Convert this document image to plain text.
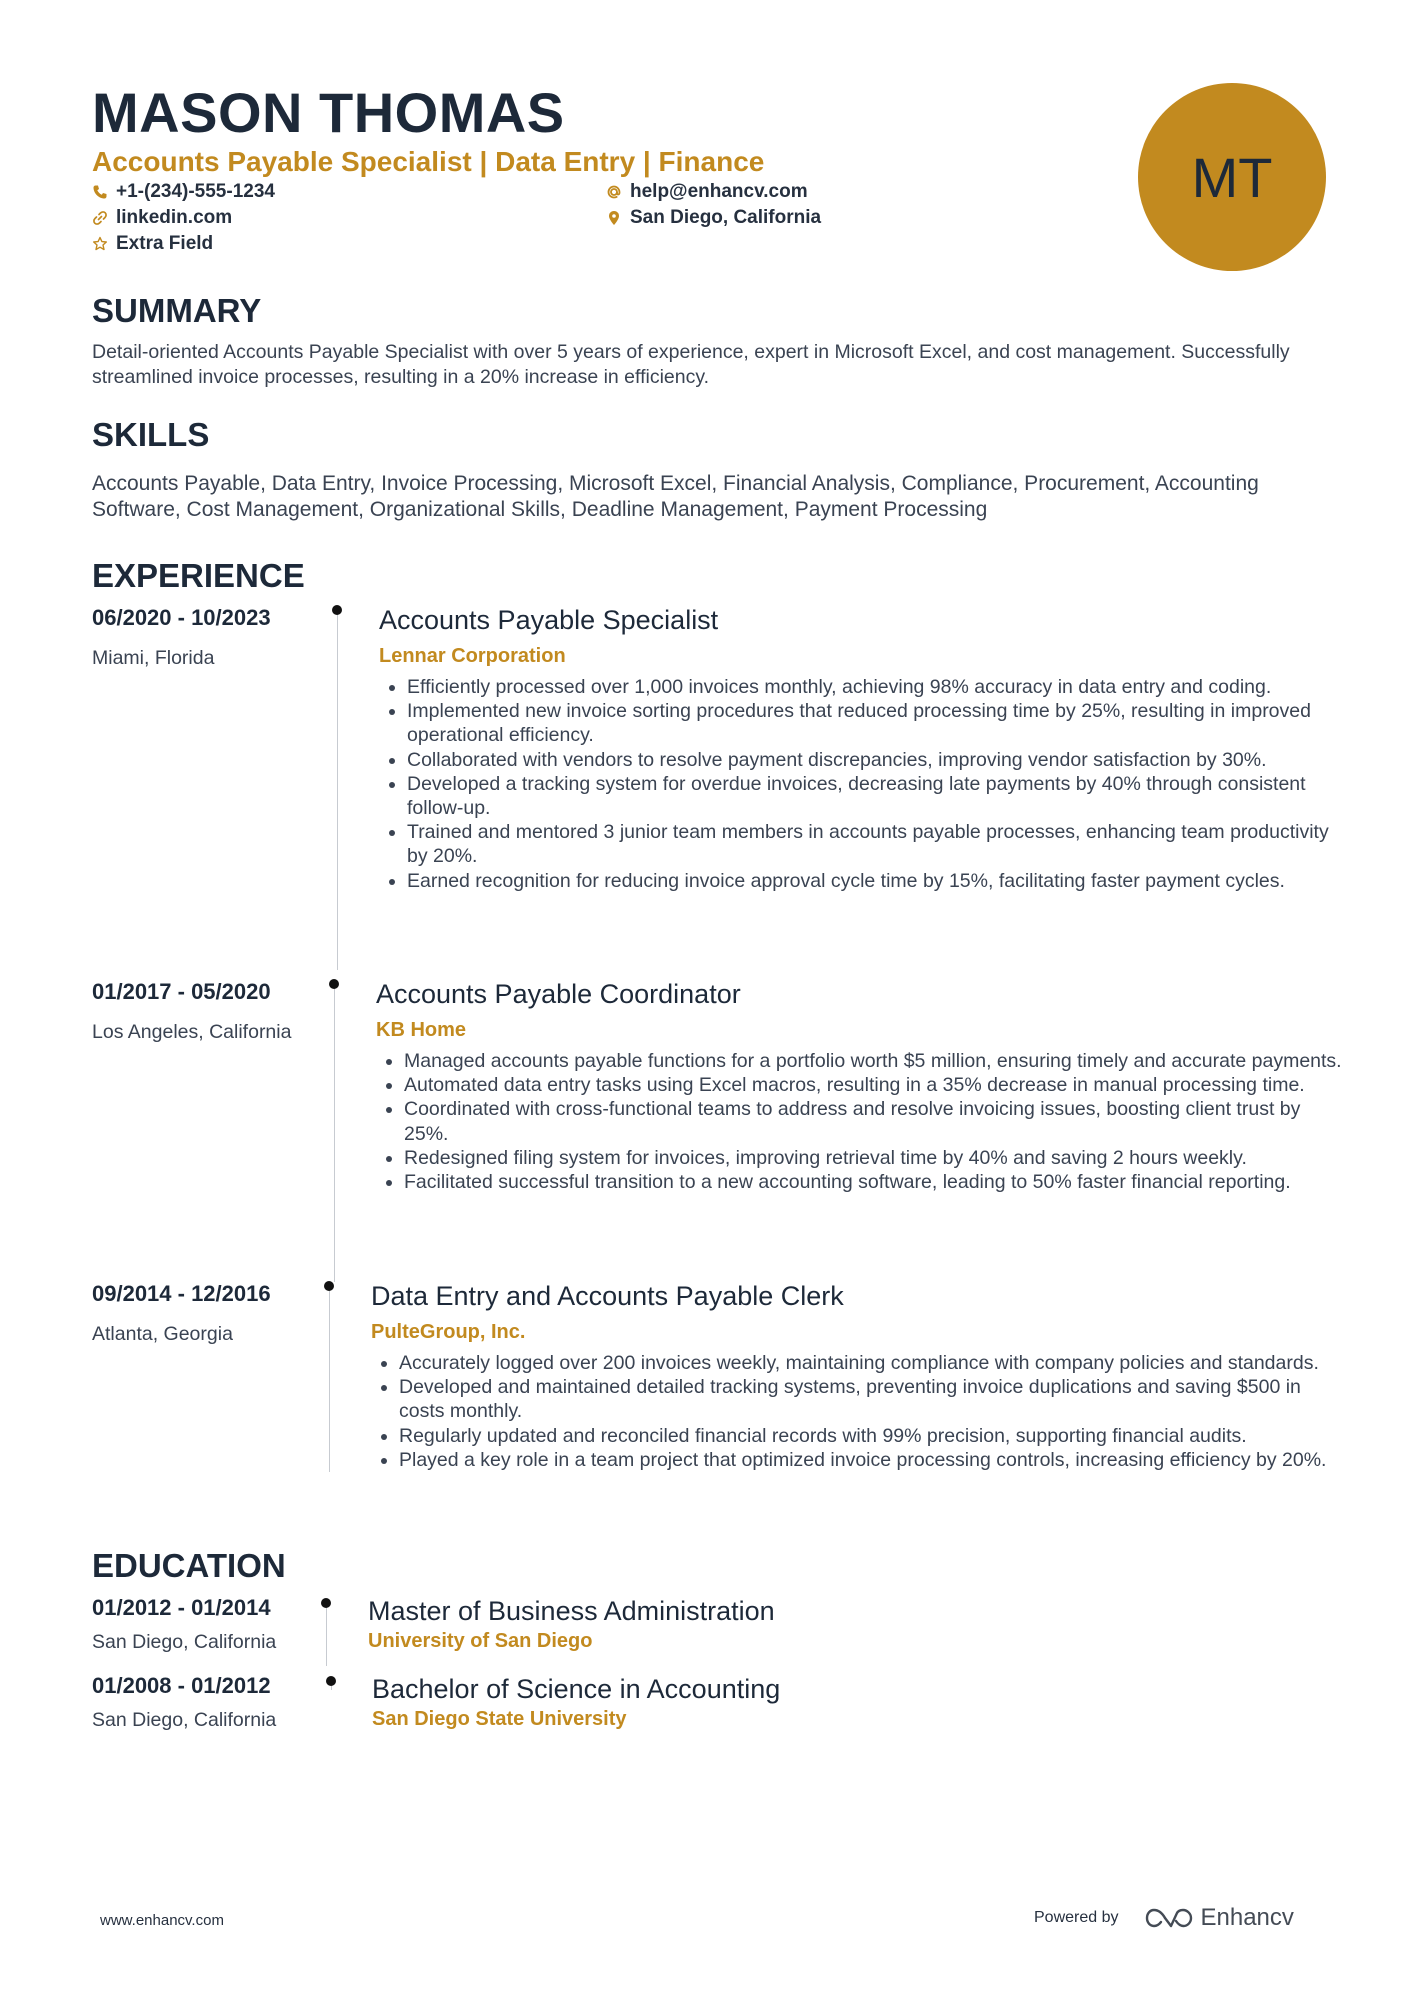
MASON THOMAS
Accounts Payable Specialist | Data Entry | Finance
+1-(234)-555-1234	help@enhancv.com
linkedin.com	San Diego, California
Extra Field
MT
SUMMARY

Detail-oriented Accounts Payable Specialist with over 5 years of experience, expert in Microsoft Excel, and cost management. Successfully streamlined invoice processes, resulting in a 20% increase in efficiency.

SKILLS

Accounts Payable, Data Entry, Invoice Processing, Microsoft Excel, Financial Analysis, Compliance, Procurement, Accounting Software, Cost Management, Organizational Skills, Deadline Management, Payment Processing

EXPERIENCE
06/2020 - 10/2023
Miami, Florida
Accounts Payable Specialist
Lennar Corporation
• Efficiently processed over 1,000 invoices monthly, achieving 98% accuracy in data entry and coding.
• Implemented new invoice sorting procedures that reduced processing time by 25%, resulting in improved operational efficiency.
• Collaborated with vendors to resolve payment discrepancies, improving vendor satisfaction by 30%.
• Developed a tracking system for overdue invoices, decreasing late payments by 40% through consistent follow-up.
• Trained and mentored 3 junior team members in accounts payable processes, enhancing team productivity by 20%.
• Earned recognition for reducing invoice approval cycle time by 15%, facilitating faster payment cycles.
01/2017 - 05/2020
Los Angeles, California
Accounts Payable Coordinator
KB Home
• Managed accounts payable functions for a portfolio worth $5 million, ensuring timely and accurate payments.
• Automated data entry tasks using Excel macros, resulting in a 35% decrease in manual processing time.
• Coordinated with cross-functional teams to address and resolve invoicing issues, boosting client trust by 25%.
• Redesigned filing system for invoices, improving retrieval time by 40% and saving 2 hours weekly.
• Facilitated successful transition to a new accounting software, leading to 50% faster financial reporting.
09/2014 - 12/2016
Atlanta, Georgia
Data Entry and Accounts Payable Clerk
PulteGroup, Inc.
• Accurately logged over 200 invoices weekly, maintaining compliance with company policies and standards.
• Developed and maintained detailed tracking systems, preventing invoice duplications and saving $500 in costs monthly.
• Regularly updated and reconciled financial records with 99% precision, supporting financial audits.
• Played a key role in a team project that optimized invoice processing controls, increasing efficiency by 20%.
EDUCATION
01/2012 - 01/2014
San Diego, California
Master of Business Administration
University of San Diego
01/2008 - 01/2012
San Diego, California
Bachelor of Science in Accounting
San Diego State University
www.enhancv.com	Powered by	Enhancv
